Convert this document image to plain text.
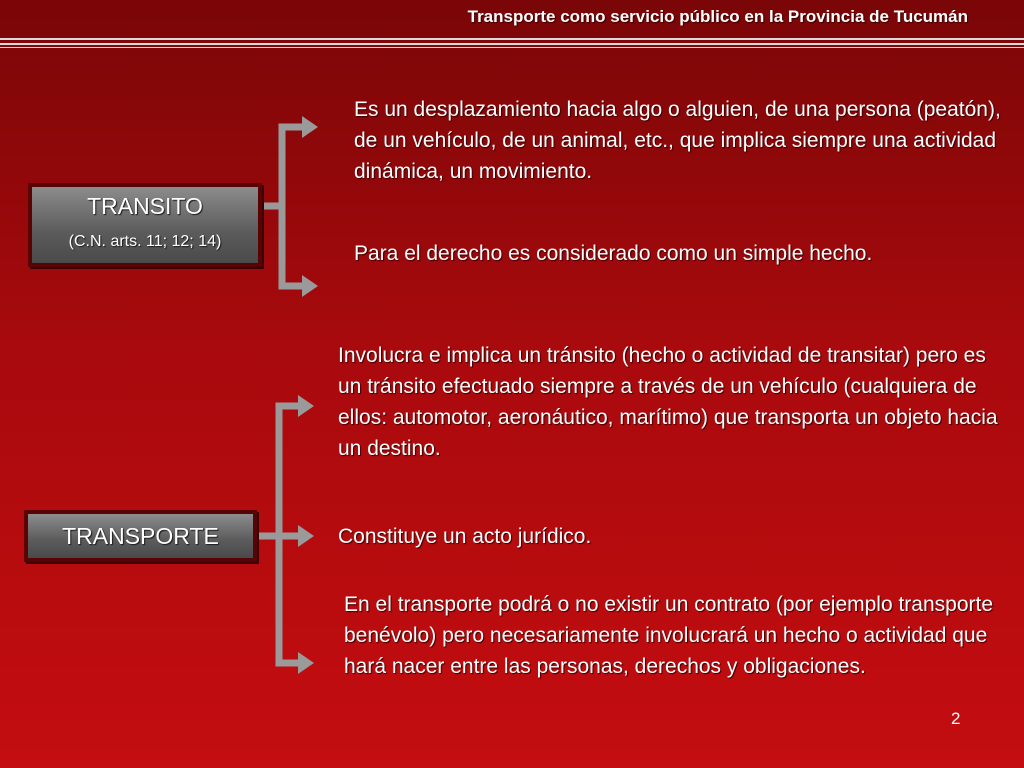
Transporte como servicio público en la Provincia de Tucumán
TRANSITO
(C.N. arts. 11; 12; 14)
TRANSPORTE
Es un desplazamiento hacia algo o alguien, de una persona (peatón), de un vehículo, de un animal, etc., que implica siempre una actividad dinámica, un movimiento.
Para el derecho es considerado como un simple hecho.
Involucra e implica un tránsito (hecho o actividad de transitar) pero es un tránsito efectuado siempre a través de un vehículo (cualquiera de ellos: automotor, aeronáutico, marítimo) que transporta un objeto hacia un destino.
Constituye un acto jurídico.
En el transporte podrá o no existir un contrato (por ejemplo transporte benévolo) pero necesariamente involucrará un hecho o actividad que hará nacer entre las personas, derechos y obligaciones.
2
